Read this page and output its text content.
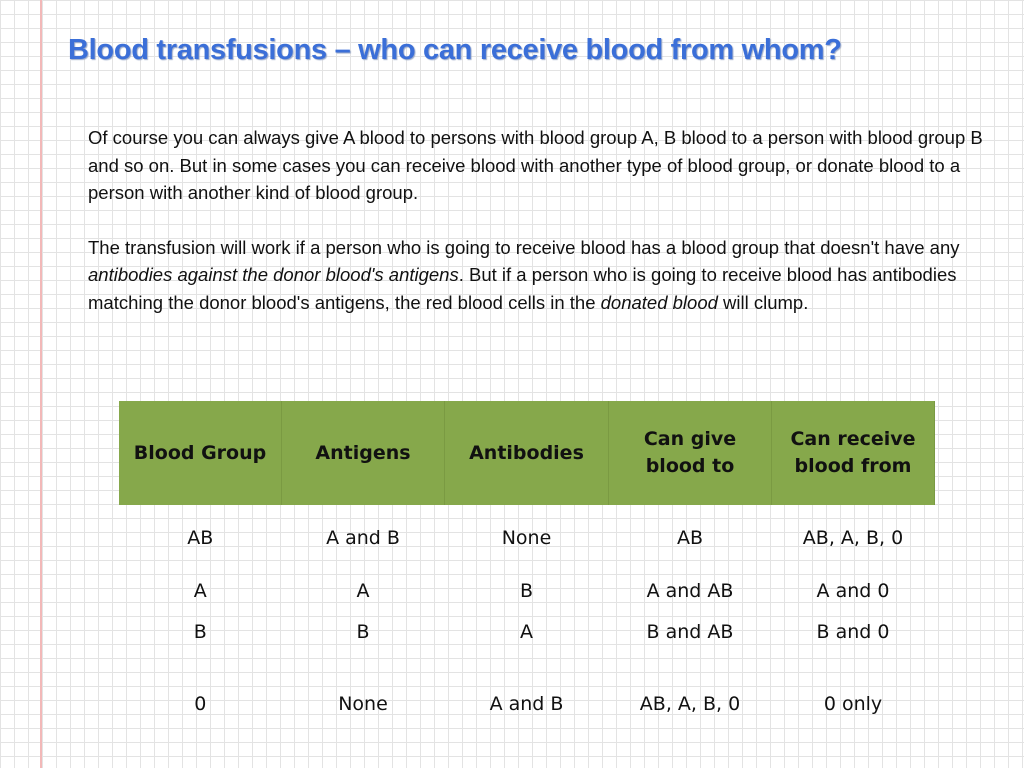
Blood transfusions – who can receive blood from whom?

Of course you can always give A blood to persons with blood group A, B blood to a person with blood group B and so on. But in some cases you can receive blood with another type of blood group, or donate blood to a person with another kind of blood group.

The transfusion will work if a person who is going to receive blood has a blood group that doesn't have any antibodies against the donor blood's antigens. But if a person who is going to receive blood has antibodies matching the donor blood's antigens, the red blood cells in the donated blood will clump.

Blood Group	Antigens	Antibodies	Can give blood to	Can receive blood from
AB	A and B	None	AB	AB, A, B, 0
A	A	B	A and AB	A and 0
B	B	A	B and AB	B and 0
0	None	A and B	AB, A, B, 0	0 only
